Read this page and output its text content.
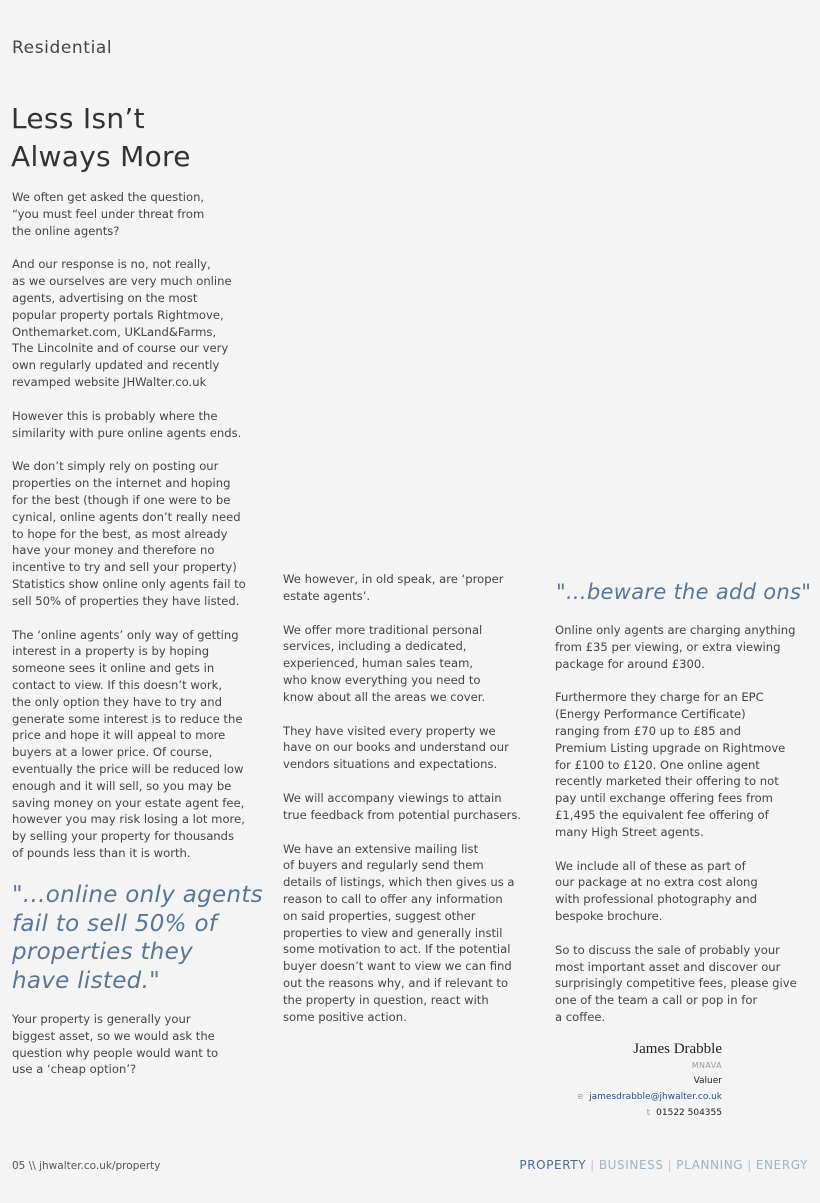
Residential
Less Isn’t
Always More

We often get asked the question,
“you must feel under threat from
the online agents?

And our response is no, not really,
as we ourselves are very much online
agents, advertising on the most
popular property portals Rightmove,
Onthemarket.com, UKLand&Farms,
The Lincolnite and of course our very
own regularly updated and recently
revamped website JHWalter.co.uk

However this is probably where the
similarity with pure online agents ends.

We don’t simply rely on posting our
properties on the internet and hoping
for the best (though if one were to be
cynical, online agents don’t really need
to hope for the best, as most already
have your money and therefore no
incentive to try and sell your property)
Statistics show online only agents fail to
sell 50% of properties they have listed.

The ‘online agents’ only way of getting
interest in a property is by hoping
someone sees it online and gets in
contact to view. If this doesn’t work,
the only option they have to try and
generate some interest is to reduce the
price and hope it will appeal to more
buyers at a lower price. Of course,
eventually the price will be reduced low
enough and it will sell, so you may be
saving money on your estate agent fee,
however you may risk losing a lot more,
by selling your property for thousands
of pounds less than it is worth.

"...online only agents
fail to sell 50% of
properties they
have listed."
Your property is generally your
biggest asset, so we would ask the
question why people would want to
use a ‘cheap option’?

We however, in old speak, are ‘proper
estate agents’.

We offer more traditional personal
services, including a dedicated,
experienced, human sales team,
who know everything you need to
know about all the areas we cover.

They have visited every property we
have on our books and understand our
vendors situations and expectations.

We will accompany viewings to attain
true feedback from potential purchasers.

We have an extensive mailing list
of buyers and regularly send them
details of listings, which then gives us a
reason to call to offer any information
on said properties, suggest other
properties to view and generally instil
some motivation to act. If the potential
buyer doesn’t want to view we can find
out the reasons why, and if relevant to
the property in question, react with
some positive action.

"...beware the add ons"

Online only agents are charging anything
from £35 per viewing, or extra viewing
package for around £300.

Furthermore they charge for an EPC
(Energy Performance Certificate)
ranging from £70 up to £85 and
Premium Listing upgrade on Rightmove
for £100 to £120. One online agent
recently marketed their offering to not
pay until exchange offering fees from
£1,495 the equivalent fee offering of
many High Street agents.

We include all of these as part of
our package at no extra cost along
with professional photography and
bespoke brochure.

So to discuss the sale of probably your
most important asset and discover our
surprisingly competitive fees, please give
one of the team a call or pop in for
a coffee.

James Drabble
MNAVA
Valuer
e jamesdrabble@jhwalter.co.uk
t 01522 504355
05 \\ jhwalter.co.uk/property	PROPERTY | BUSINESS | PLANNING | ENERGY
